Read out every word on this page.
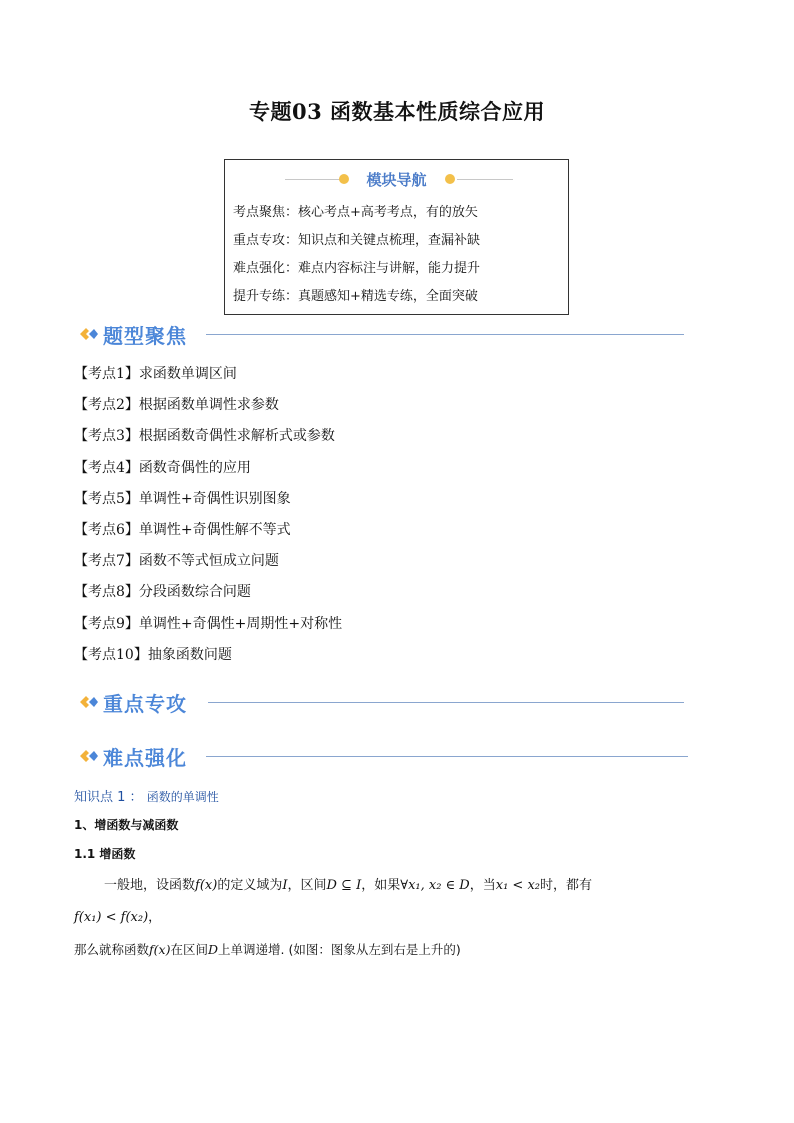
专题03 函数基本性质综合应用
模块导航
考点聚焦：核心考点+高考考点，有的放矢
重点专攻：知识点和关键点梳理，查漏补缺
难点强化：难点内容标注与讲解，能力提升
提升专练：真题感知+精选专练，全面突破
题型聚焦
【考点1】求函数单调区间
【考点2】根据函数单调性求参数
【考点3】根据函数奇偶性求解析式或参数
【考点4】函数奇偶性的应用
【考点5】单调性+奇偶性识别图象
【考点6】单调性+奇偶性解不等式
【考点7】函数不等式恒成立问题
【考点8】分段函数综合问题
【考点9】单调性+奇偶性+周期性+对称性
【考点10】抽象函数问题
重点专攻
难点强化
知识点 1 ： 函数的单调性
1、增函数与减函数
1.1 增函数
一般地，设函数f(x)的定义域为I，区间D ⊆ I，如果∀x₁, x₂ ∈ D，当x₁ < x₂时，都有
f(x₁) < f(x₂)，
那么就称函数f(x)在区间D上单调递增. (如图：图象从左到右是上升的)
